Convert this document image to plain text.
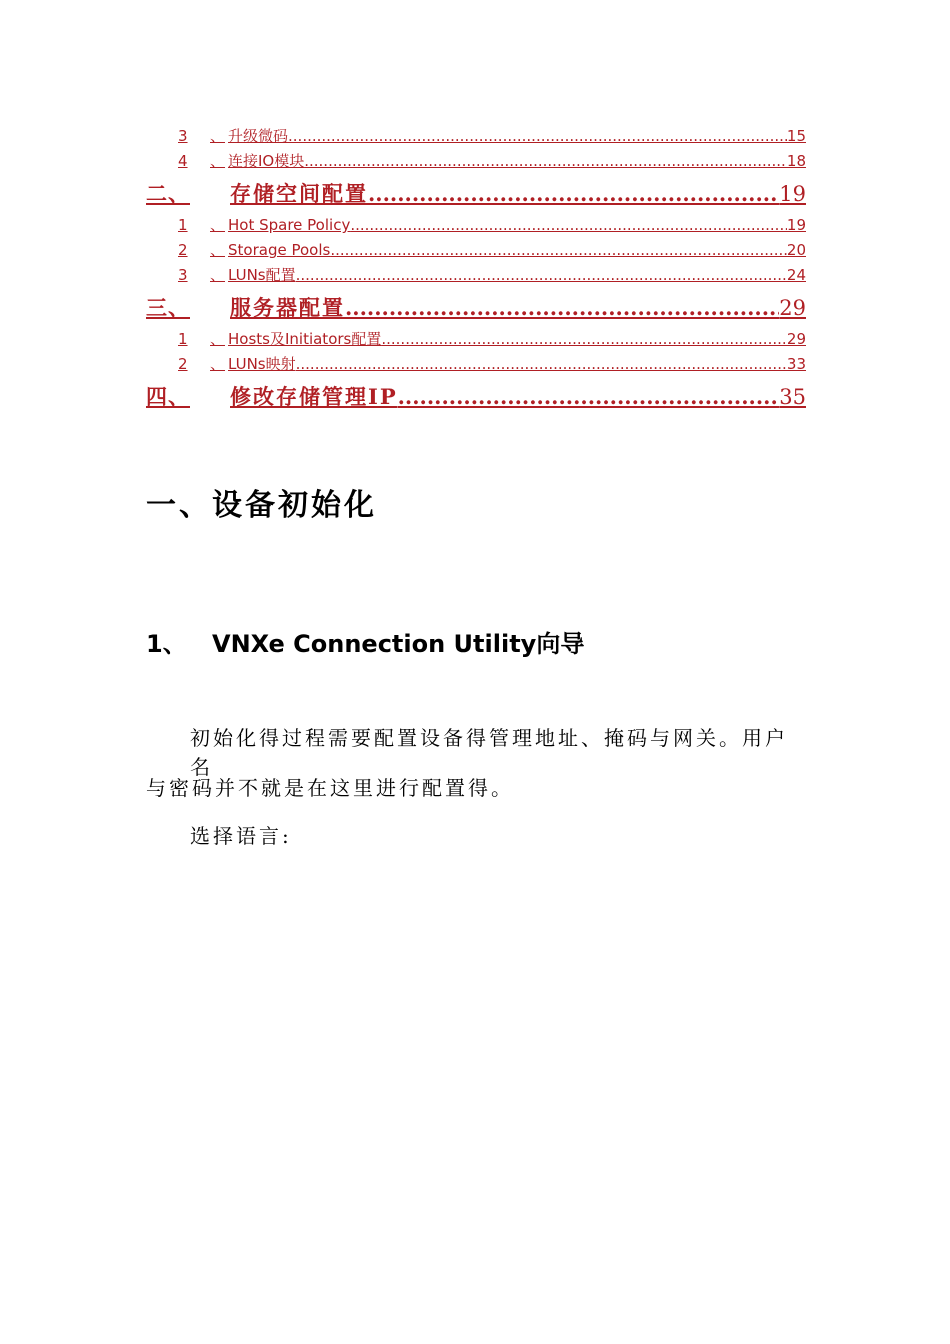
3	、 升级微码 .....	15
4	、 连接IO模块 .....	18
二、	存储空间配置 .....	19
1	、 Hot Spare Policy .....	19
2	、 Storage Pools .....	20
3	、 LUNs配置 .....	24
三、	服务器配置 .....	29
1	、 Hosts及Initiators配置 .....	29
2	、 LUNs映射 .....	33
四、	修改存储管理IP .....	35
一、设备初始化
1、	VNXe Connection Utility向导
初始化得过程需要配置设备得管理地址、掩码与网关。用户名
与密码并不就是在这里进行配置得。
选择语言:
